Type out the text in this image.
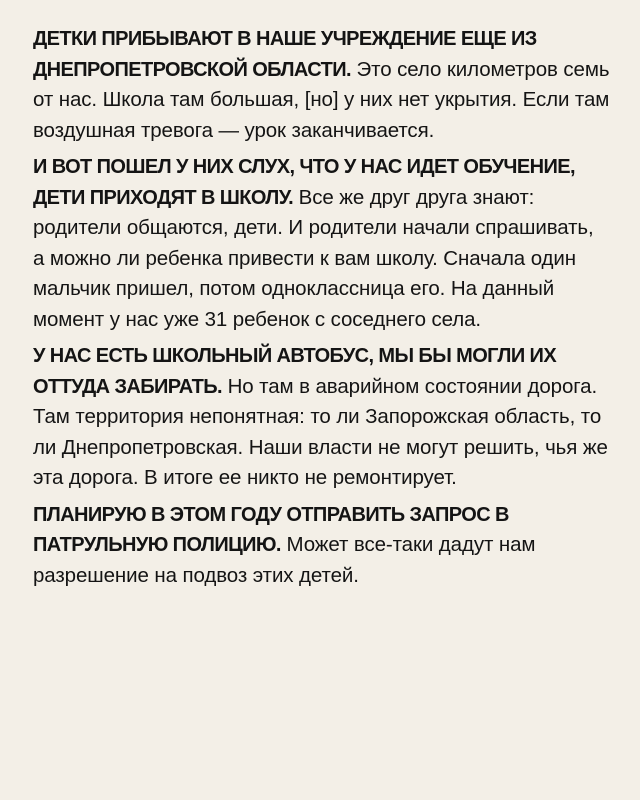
ДЕТКИ ПРИБЫВАЮТ В НАШЕ УЧРЕЖДЕНИЕ ЕЩЕ ИЗ ДНЕПРОПЕТРОВСКОЙ ОБЛАСТИ. Это село километров семь от нас. Школа там большая, [но] у них нет укрытия. Если там воздушная тревога — урок заканчивается.

И ВОТ ПОШЕЛ У НИХ СЛУХ, ЧТО У НАС ИДЕТ ОБУЧЕНИЕ, ДЕТИ ПРИХОДЯТ В ШКОЛУ. Все же друг друга знают: родители общаются, дети. И родители начали спрашивать, а можно ли ребенка привести к вам школу. Сначала один мальчик пришел, потом одноклассница его. На данный момент у нас уже 31 ребенок с соседнего села.

У НАС ЕСТЬ ШКОЛЬНЫЙ АВТОБУС, МЫ БЫ МОГЛИ ИХ ОТТУДА ЗАБИРАТЬ. Но там в аварийном состоянии дорога. Там территория непонятная: то ли Запорожская область, то ли Днепропетровская. Наши власти не могут решить, чья же эта дорога. В итоге ее никто не ремонтирует.

ПЛАНИРУЮ В ЭТОМ ГОДУ ОТПРАВИТЬ ЗАПРОС В ПАТРУЛЬНУЮ ПОЛИЦИЮ. Может все-таки дадут нам разрешение на подвоз этих детей.
